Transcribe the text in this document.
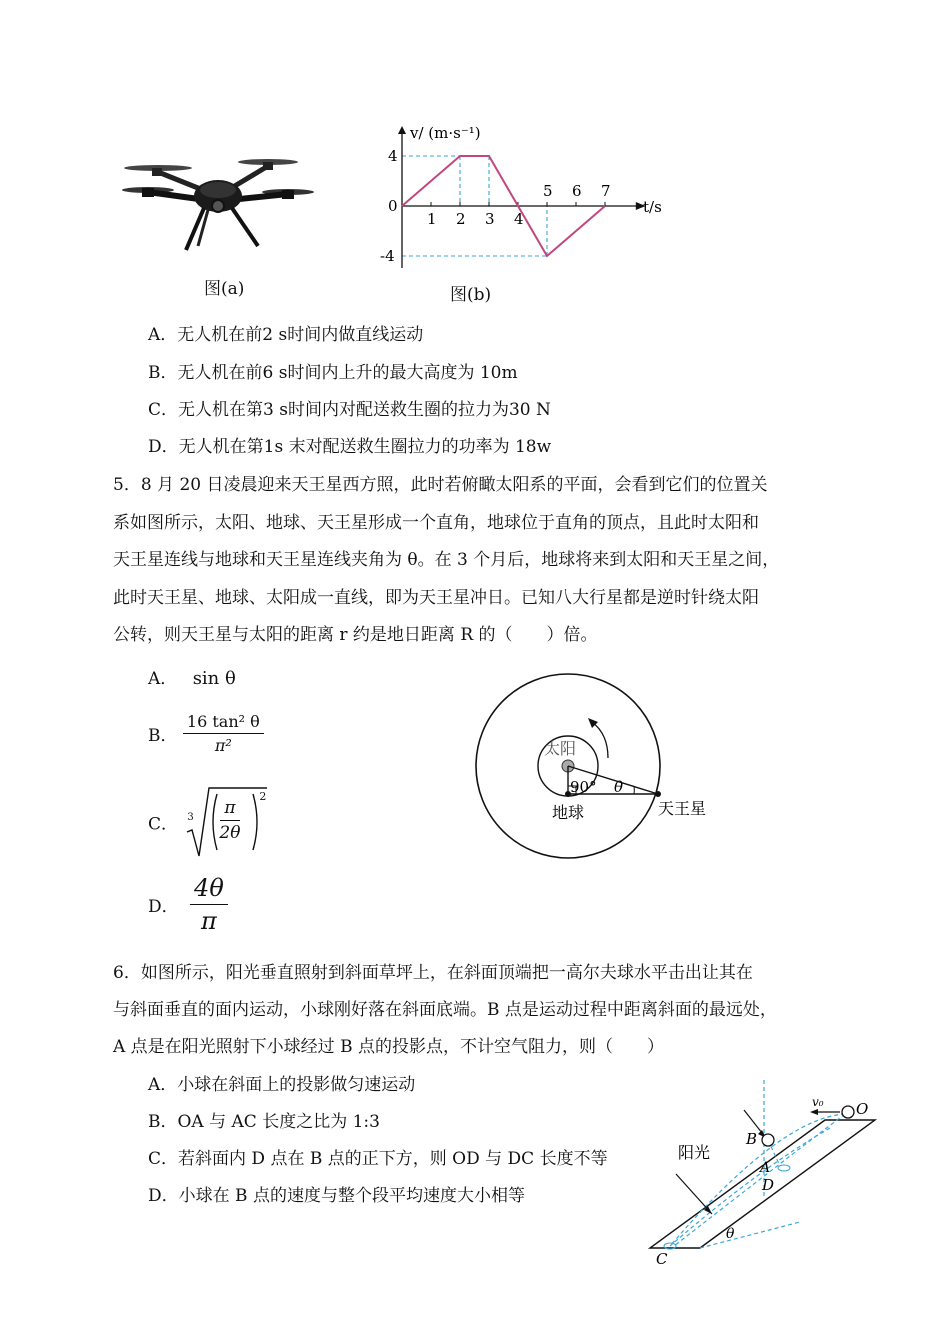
图(a)
1 2 3 4
5 6 7
4
0
-4
v/ (m·s⁻¹)
t/s
图(b)
A．无人机在前2 s时间内做直线运动
B．无人机在前6 s时间内上升的最大高度为 10m
C．无人机在第3 s时间内对配送救生圈的拉力为30 N
D．无人机在第1s 末对配送救生圈拉力的功率为 18w
5．8 月 20 日凌晨迎来天王星西方照，此时若俯瞰太阳系的平面，会看到它们的位置关
系如图所示，太阳、地球、天王星形成一个直角，地球位于直角的顶点，且此时太阳和
天王星连线与地球和天王星连线夹角为 θ。在 3 个月后，地球将来到太阳和天王星之间，
此时天王星、地球、太阳成一直线，即为天王星冲日。已知八大行星都是逆时针绕太阳
公转，则天王星与太阳的距离 r 约是地日距离 R 的（　　）倍。
A． sin θ
B． $\frac{\text{16 tan² θ}}{\text{π²}}$
C． $3 \frac{\pi}{2\theta}$
2
D． $\frac{4\theta}{\pi}$
太阳
90° θ
地球	天王星
6．如图所示，阳光垂直照射到斜面草坪上，在斜面顶端把一高尔夫球水平击出让其在
与斜面垂直的面内运动，小球刚好落在斜面底端。B 点是运动过程中距离斜面的最远处，
A 点是在阳光照射下小球经过 B 点的投影点，不计空气阻力，则（　　）
A．小球在斜面上的投影做匀速运动
B．OA 与 AC 长度之比为 1:3
C．若斜面内 D 点在 B 点的正下方，则 OD 与 DC 长度不等
D．小球在 B 点的速度与整个段平均速度大小相等
O
v₀
B
A
D
C
θ
阳光
